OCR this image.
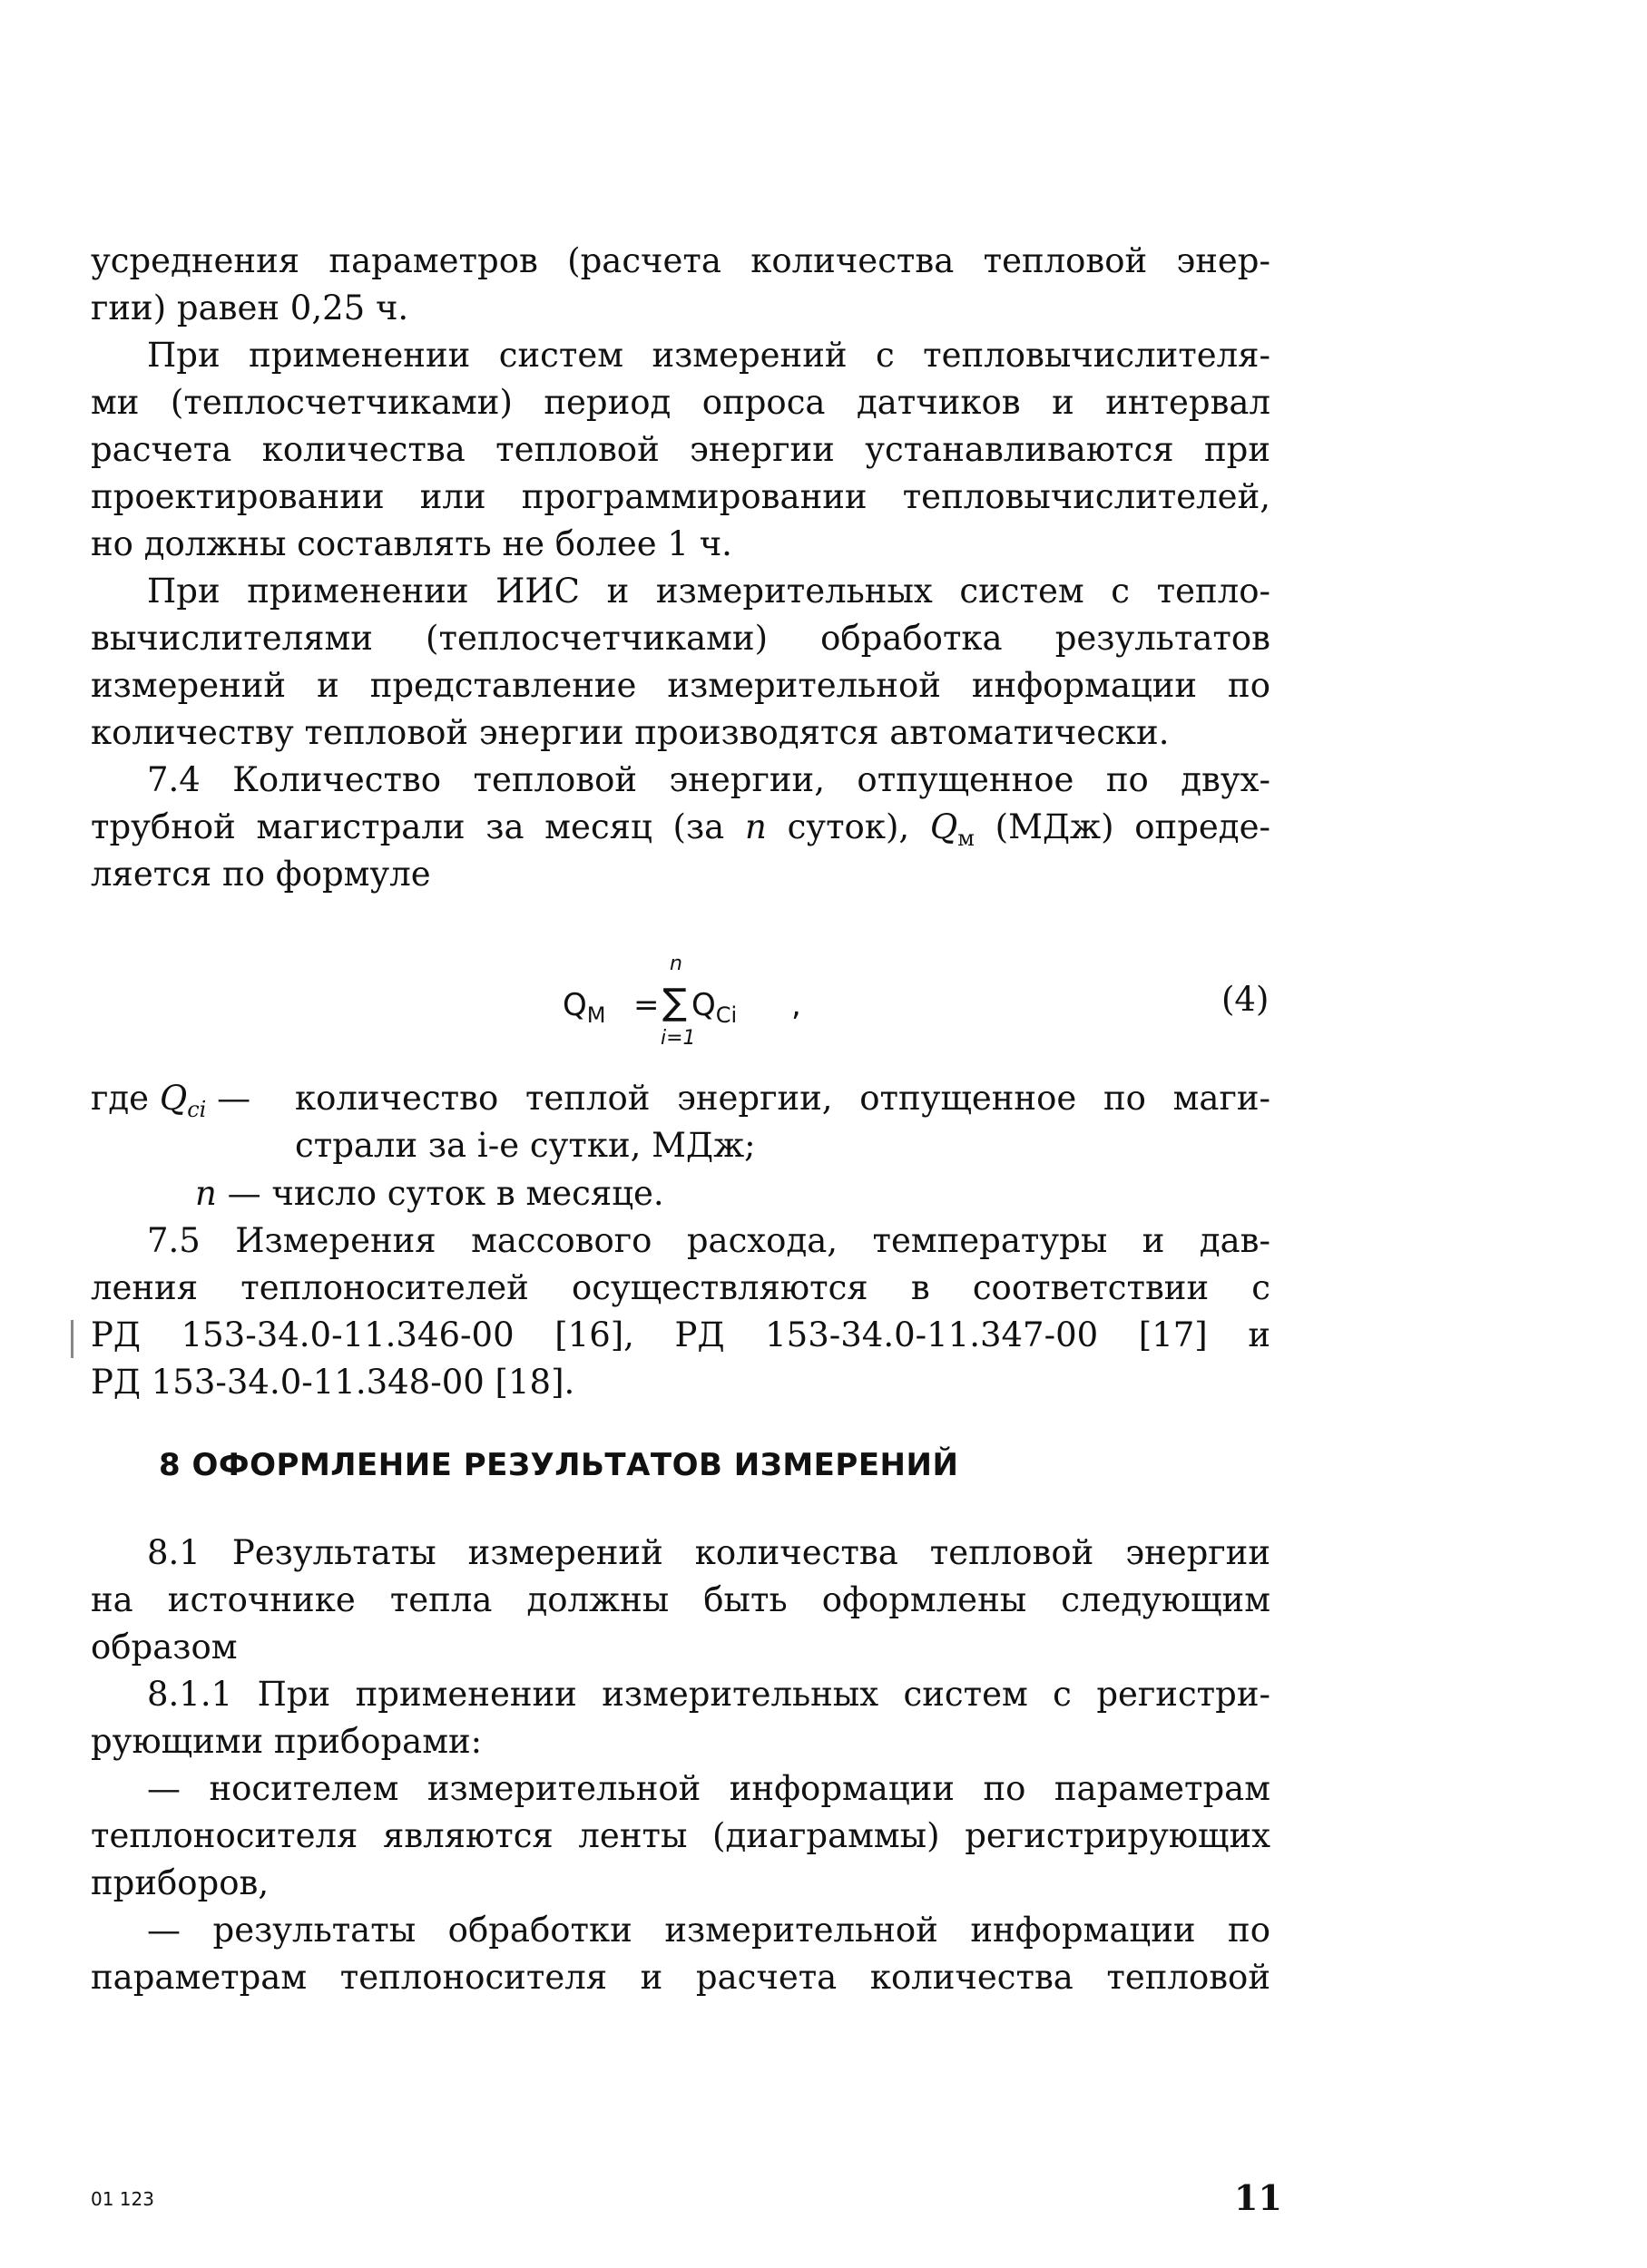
усреднения параметров (расчета количества тепловой энер-
гии) равен 0,25 ч.
При применении систем измерений с тепловычислителя-
ми (теплосчетчиками) период опроса датчиков и интервал
расчета количества тепловой энергии устанавливаются при
проектировании или программировании тепловычислителей,
но должны составлять не более 1 ч.
При применении ИИС и измерительных систем с тепло-
вычислителями (теплосчетчиками) обработка результатов
измерений и представление измерительной информации по
количеству тепловой энергии производятся автоматически.
7.4 Количество тепловой энергии, отпущенное по двух-
трубной магистрали за месяц (за n суток), $Q_м$ (МДж) опреде-
ляется по формуле
$Q_М$ =
n
∑
i=1
$Q_{Ci}$ ,	(4)
где $Q_{ci}$ — количество теплой энергии, отпущенное по маги-
страли за i-е сутки, МДж;
n — число суток в месяце.
7.5 Измерения массового расхода, температуры и дав-
ления теплоносителей осуществляются в соответствии с
РД 153-34.0-11.346-00 [16], РД 153-34.0-11.347-00 [17] и
РД 153-34.0-11.348-00 [18].
8 ОФОРМЛЕНИЕ РЕЗУЛЬТАТОВ ИЗМЕРЕНИЙ
8.1 Результаты измерений количества тепловой энергии
на источнике тепла должны быть оформлены следующим
образом
8.1.1 При применении измерительных систем с регистри-
рующими приборами:
— носителем измерительной информации по параметрам
теплоносителя являются ленты (диаграммы) регистрирующих
приборов,
— результаты обработки измерительной информации по
параметрам теплоносителя и расчета количества тепловой
01 123	11
